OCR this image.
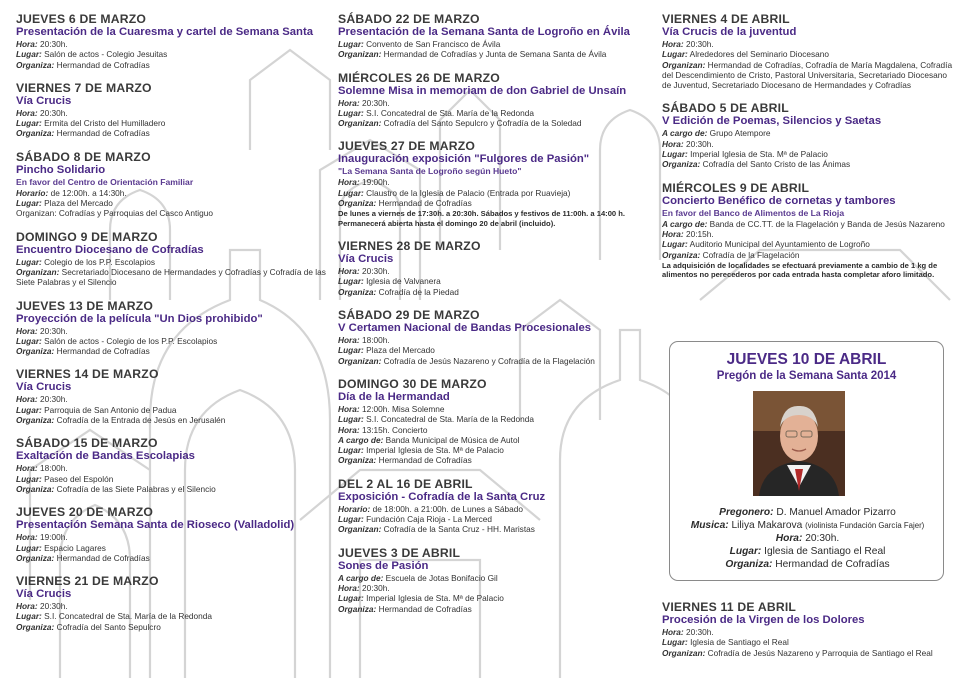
JUEVES 6 DE MARZO
Presentación de la Cuaresma y cartel de Semana Santa
Hora: 20:30h.
Lugar: Salón de actos - Colegio Jesuitas
Organiza: Hermandad de Cofradías
VIERNES 7 DE MARZO
Vía Crucis
Hora: 20:30h.
Lugar: Ermita del Cristo del Humilladero
Organiza: Hermandad de Cofradías
SÁBADO 8 DE MARZO
Pincho Solidario
En favor del Centro de Orientación Familiar
Horario: de 12:00h. a 14:30h.
Lugar: Plaza del Mercado
Organizan: Cofradías y Parroquias del Casco Antiguo
DOMINGO 9 DE MARZO
Encuentro Diocesano de Cofradías
Lugar: Colegio de los P.P. Escolapios
Organizan: Secretariado Diocesano de Hermandades y Cofradías y Cofradía de las Siete Palabras y el Silencio
JUEVES 13 DE MARZO
Proyección de la película "Un Dios prohibido"
Hora: 20:30h.
Lugar: Salón de actos - Colegio de los P.P. Escolapios
Organiza: Hermandad de Cofradías
VIERNES 14 DE MARZO
Vía Crucis
Hora: 20:30h.
Lugar: Parroquia de San Antonio de Padua
Organiza: Cofradía de la Entrada de Jesús en Jerusalén
SÁBADO 15 DE MARZO
Exaltación de Bandas Escolapias
Hora: 18:00h.
Lugar: Paseo del Espolón
Organiza: Cofradía de las Siete Palabras y el Silencio
JUEVES 20 DE MARZO
Presentación Semana Santa de Rioseco (Valladolid)
Hora: 19:00h.
Lugar: Espacio Lagares
Organiza: Hermandad de Cofradías
VIERNES 21 DE MARZO
Vía Crucis
Hora: 20:30h.
Lugar: S.I. Concatedral de Sta. María de la Redonda
Organiza: Cofradía del Santo Sepulcro
SÁBADO 22 DE MARZO
Presentación de la Semana Santa de Logroño en Ávila
Lugar: Convento de San Francisco de Ávila
Organizan: Hermandad de Cofradías y Junta de Semana Santa de Ávila
MIÉRCOLES 26 DE MARZO
Solemne Misa in memoriam de don Gabriel de Unsaín
Hora: 20:30h.
Lugar: S.I. Concatedral de Sta. María de la Redonda
Organizan: Cofradía del Santo Sepulcro y Cofradía de la Soledad
JUEVES 27 DE MARZO
Inauguración exposición "Fulgores de Pasión"
"La Semana Santa de Logroño según Hueto"
Hora: 19:00h.
Lugar: Claustro de la Iglesia de Palacio (Entrada por Ruavieja)
Organiza: Hermandad de Cofradías
De lunes a viernes de 17:30h. a 20:30h. Sábados y festivos de 11:00h. a 14:00 h. Permanecerá abierta hasta el domingo 20 de abril (incluido).
VIERNES 28 DE MARZO
Vía Crucis
Hora: 20:30h.
Lugar: Iglesia de Valvanera
Organiza: Cofradía de la Piedad
SÁBADO 29 DE MARZO
V Certamen Nacional de Bandas Procesionales
Hora: 18:00h.
Lugar: Plaza del Mercado
Organizan: Cofradía de Jesús Nazareno y Cofradía de la Flagelación
DOMINGO 30 DE MARZO
Día de la Hermandad
Hora: 12:00h. Misa Solemne
Lugar: S.I. Concatedral de Sta. María de la Redonda
Hora: 13:15h. Concierto
A cargo de: Banda Municipal de Música de Autol
Lugar: Imperial Iglesia de Sta. Mª de Palacio
Organiza: Hermandad de Cofradías
DEL 2 AL 16 DE ABRIL
Exposición - Cofradía de la Santa Cruz
Horario: de 18:00h. a 21:00h. de Lunes a Sábado
Lugar: Fundación Caja Rioja - La Merced
Organizan: Cofradía de la Santa Cruz - HH. Maristas
JUEVES 3 DE ABRIL
Sones de Pasión
A cargo de: Escuela de Jotas Bonifacio Gil
Hora: 20:30h.
Lugar: Imperial Iglesia de Sta. Mª de Palacio
Organiza: Hermandad de Cofradías
VIERNES 4 DE ABRIL
Vía Crucis de la juventud
Hora: 20:30h.
Lugar: Alrededores del Seminario Diocesano
Organizan: Hermandad de Cofradías, Cofradía de María Magdalena, Cofradía del Descendimiento de Cristo, Pastoral Universitaria, Secretariado Diocesano de Juventud, Secretariado Diocesano de Hermandades y Cofradías
SÁBADO 5 DE ABRIL
V Edición de Poemas, Silencios y Saetas
A cargo de: Grupo Atempore
Hora: 20:30h.
Lugar: Imperial Iglesia de Sta. Mª de Palacio
Organiza: Cofradía del Santo Cristo de las Ánimas
MIÉRCOLES 9 DE ABRIL
Concierto Benéfico de cornetas y tambores
En favor del Banco de Alimentos de La Rioja
A cargo de: Banda de CC.TT. de la Flagelación y Banda de Jesús Nazareno
Hora: 20:15h.
Lugar: Auditorio Municipal del Ayuntamiento de Logroño
Organiza: Cofradía de la Flagelación
La adquisición de localidades se efectuará previamente a cambio de 1 kg de alimentos no perecederos por cada entrada hasta completar aforo limitado.
VIERNES 11 DE ABRIL
Procesión de la Virgen de los Dolores
Hora: 20:30h.
Lugar: Iglesia de Santiago el Real
Organizan: Cofradía de Jesús Nazareno y Parroquia de Santiago el Real
JUEVES 10 DE ABRIL
Pregón de la Semana Santa 2014
Pregonero: D. Manuel Amador Pizarro
Musica: Liliya Makarova (violinista Fundación García Fajer)
Hora: 20:30h.
Lugar: Iglesia de Santiago el Real
Organiza: Hermandad de Cofradías
